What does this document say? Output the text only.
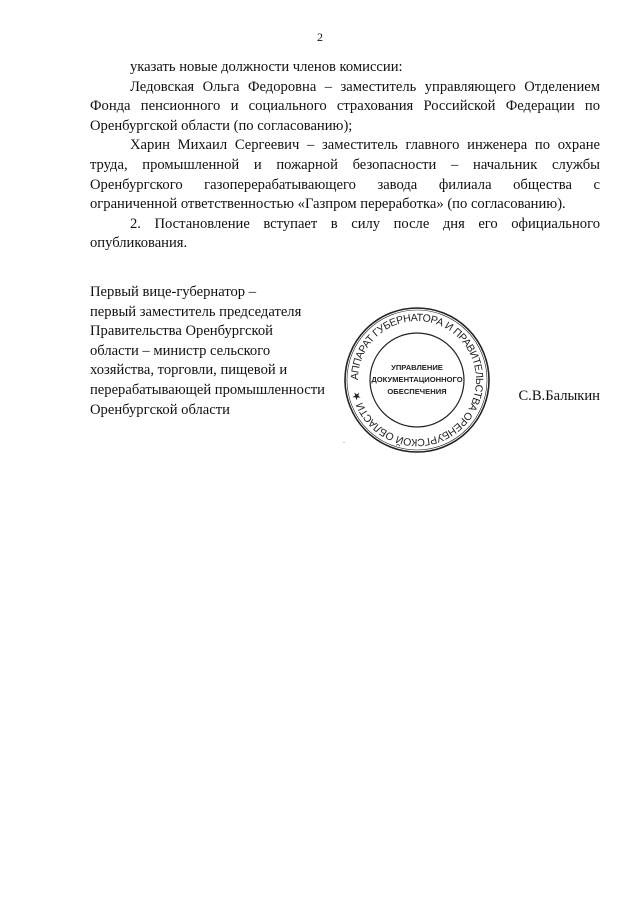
2

указать новые должности членов комиссии:

Ледовская Ольга Федоровна – заместитель управляющего Отделением Фонда пенсионного и социального страхования Российской Федерации по Оренбургской области (по согласованию);

Харин Михаил Сергеевич – заместитель главного инженера по охране труда, промышленной и пожарной безопасности – начальник службы Оренбургского газоперерабатывающего завода филиала общества с ограниченной ответственностью «Газпром переработка» (по согласованию).

2. Постановление вступает в силу после дня его официального опубликования.

Первый вице-губернатор –
первый заместитель председателя
Правительства Оренбургской
области – министр сельского
хозяйства, торговли, пищевой и
перерабатывающей промышленности
Оренбургской области
С.В.Балыкин
АППАРАТ ГУБЕРНАТОРА И ПРАВИТЕЛЬСТВА ОРЕНБУРГСКОЙ ОБЛАСТИ ★
УПРАВЛЕНИЕ
ДОКУМЕНТАЦИОННОГО
ОБЕСПЕЧЕНИЯ
